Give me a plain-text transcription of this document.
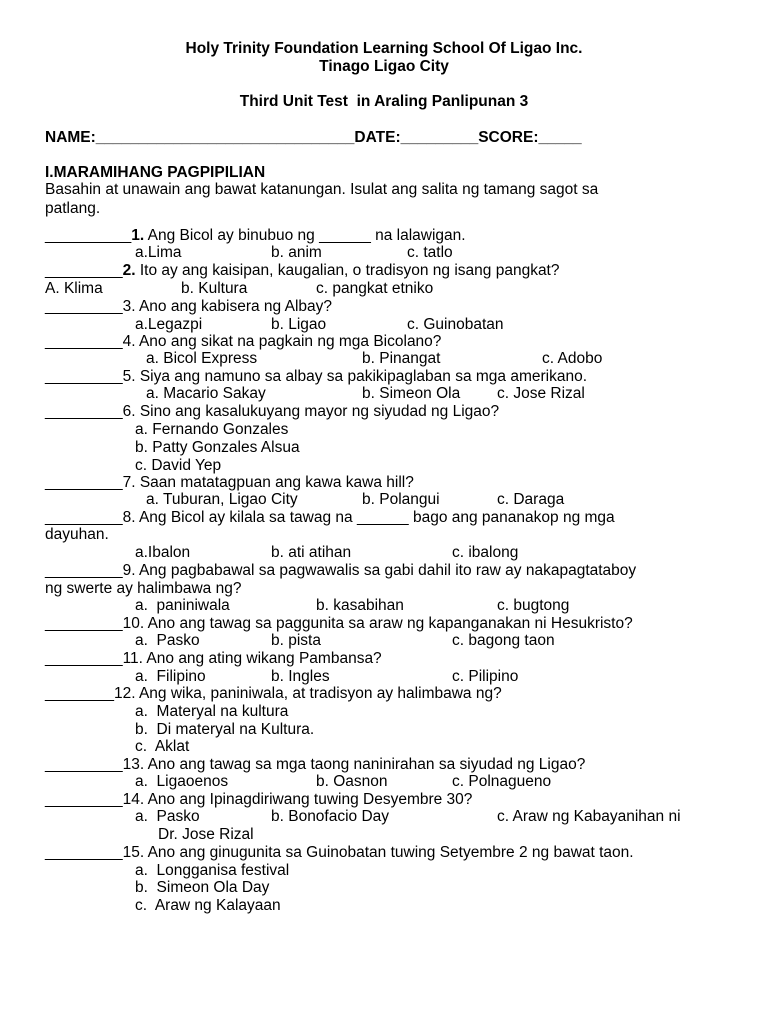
Holy Trinity Foundation Learning School Of Ligao Inc.
Tinago Ligao City
Third Unit Test  in Araling Panlipunan 3
NAME:______________________________DATE:_________SCORE:_____
I.MARAMIHANG PAGPIPILIAN
Basahin at unawain ang bawat katanungan. Isulat ang salita ng tamang sagot sa
patlang.
__________1. Ang Bicol ay binubuo ng ______ na lalawigan.
a.Lima	b. anim	c. tatlo
_________2. Ito ay ang kaisipan, kaugalian, o tradisyon ng isang pangkat?
A. Klima	b. Kultura	c. pangkat etniko
_________3. Ano ang kabisera ng Albay?
a.Legazpi	b. Ligao	c. Guinobatan
_________4. Ano ang sikat na pagkain ng mga Bicolano?
a. Bicol Express	b. Pinangat	c. Adobo
_________5. Siya ang namuno sa albay sa pakikipaglaban sa mga amerikano.
a. Macario Sakay	b. Simeon Ola c. Jose Rizal
_________6. Sino ang kasalukuyang mayor ng siyudad ng Ligao?
a. Fernando Gonzales
b. Patty Gonzales Alsua
c. David Yep
_________7. Saan matatagpuan ang kawa kawa hill?
a. Tuburan, Ligao City	b. Polangui	c. Daraga
_________8. Ang Bicol ay kilala sa tawag na ______ bago ang pananakop ng mga
dayuhan.
a.Ibalon	b. ati atihan	c. ibalong
_________9. Ang pagbabawal sa pagwawalis sa gabi dahil ito raw ay nakapagtataboy
ng swerte ay halimbawa ng?
a.  paniniwala	b. kasabihan	c. bugtong
_________10. Ano ang tawag sa paggunita sa araw ng kapanganakan ni Hesukristo?
a.  Pasko	b. pista	c. bagong taon
_________11. Ano ang ating wikang Pambansa?
a.  Filipino	b. Ingles	c. Pilipino
________12. Ang wika, paniniwala, at tradisyon ay halimbawa ng?
a.  Materyal na kultura
b.  Di materyal na Kultura.
c.  Aklat
_________13. Ano ang tawag sa mga taong naninirahan sa siyudad ng Ligao?
a.  Ligaoenos	b. Oasnon	c. Polnagueno
_________14. Ano ang Ipinagdiriwang tuwing Desyembre 30?
a.  Pasko	b. Bonofacio Day	c. Araw ng Kabayanihan ni
Dr. Jose Rizal
_________15. Ano ang ginugunita sa Guinobatan tuwing Setyembre 2 ng bawat taon.
a.  Longganisa festival
b.  Simeon Ola Day
c.  Araw ng Kalayaan
